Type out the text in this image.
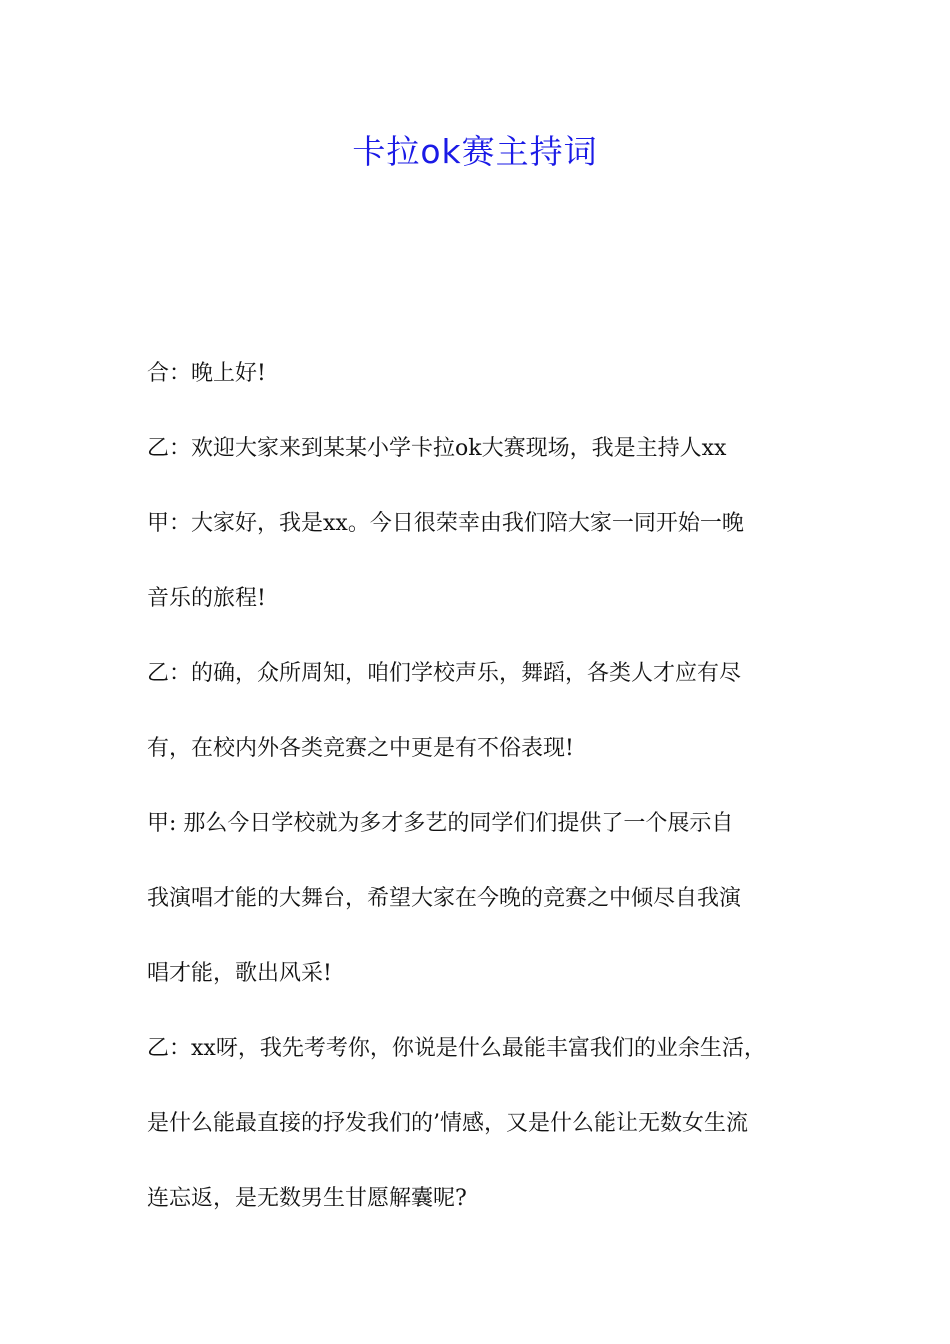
卡拉ok赛主持词
合：晚上好!
乙：欢迎大家来到某某小学卡拉ok大赛现场，我是主持人xx
甲：大家好，我是xx。今日很荣幸由我们陪大家一同开始一晚
音乐的旅程!
乙：的确，众所周知，咱们学校声乐，舞蹈，各类人才应有尽
有，在校内外各类竞赛之中更是有不俗表现!
甲: 那么今日学校就为多才多艺的同学们们提供了一个展示自
我演唱才能的大舞台，希望大家在今晚的竞赛之中倾尽自我演
唱才能，歌出风采!
乙：xx呀，我先考考你，你说是什么最能丰富我们的业余生活，
是什么能最直接的抒发我们的’情感，又是什么能让无数女生流
连忘返，是无数男生甘愿解囊呢?
